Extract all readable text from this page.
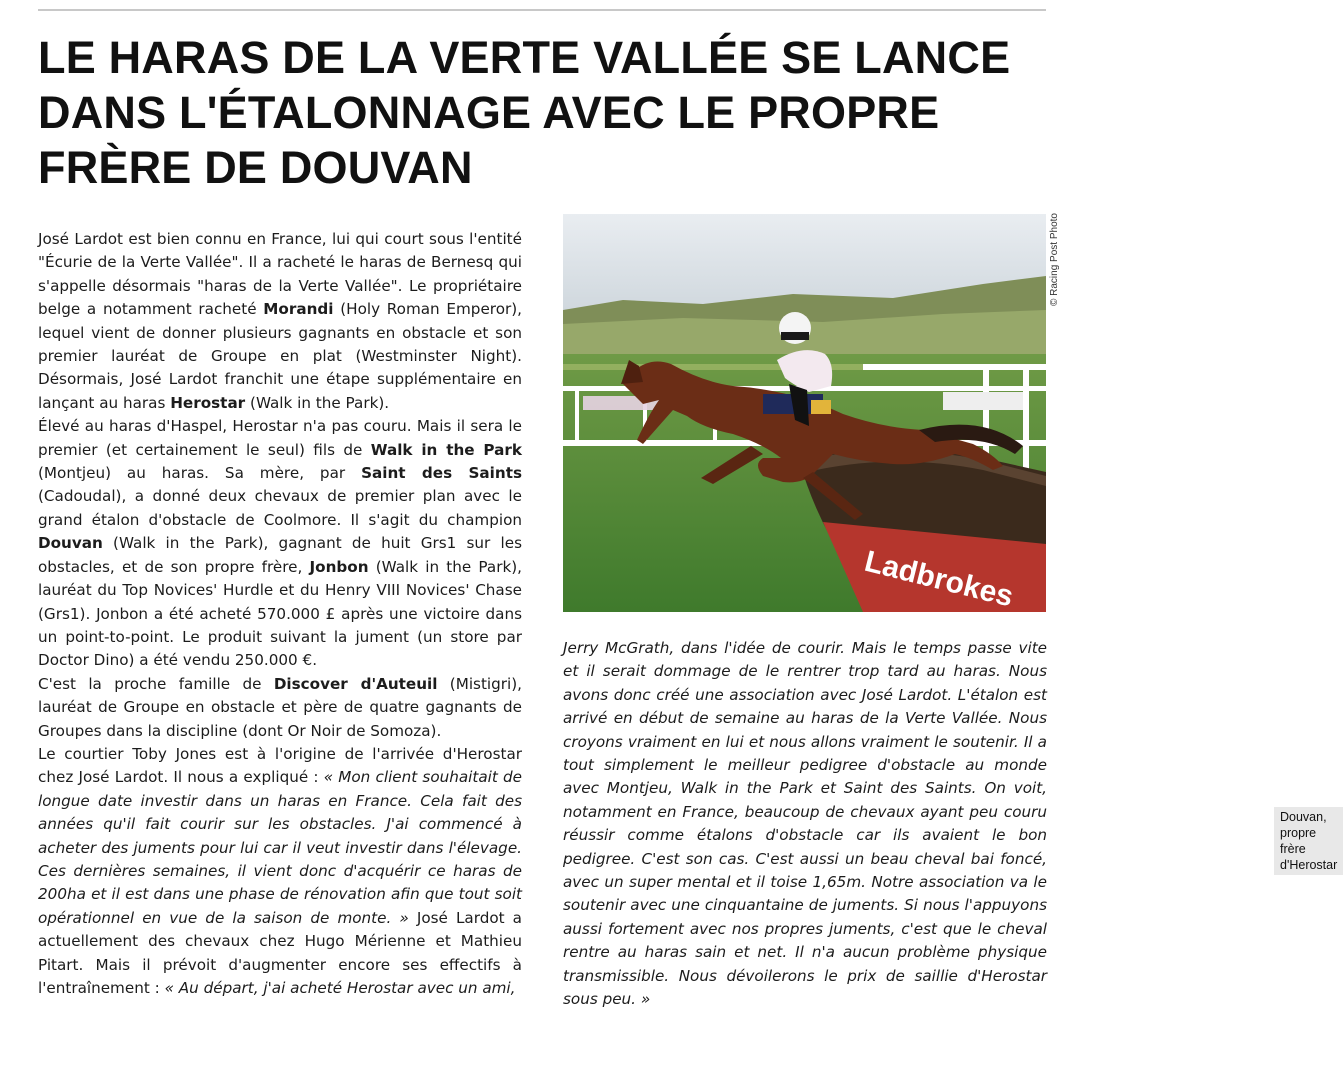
LE HARAS DE LA VERTE VALLÉE SE LANCE DANS L'ÉTALONNAGE AVEC LE PROPRE FRÈRE DE DOUVAN

José Lardot est bien connu en France, lui qui court sous l'entité "Écurie de la Verte Vallée". Il a racheté le haras de Bernesq qui s'appelle désormais "haras de la Verte Vallée". Le propriétaire belge a notamment racheté Morandi (Holy Roman Emperor), lequel vient de donner plusieurs gagnants en obstacle et son premier lauréat de Groupe en plat (Westminster Night). Désormais, José Lardot franchit une étape supplémentaire en lançant au haras Herostar (Walk in the Park).

Élevé au haras d'Haspel, Herostar n'a pas couru. Mais il sera le premier (et certainement le seul) fils de Walk in the Park (Montjeu) au haras. Sa mère, par Saint des Saints (Cadoudal), a donné deux chevaux de premier plan avec le grand étalon d'obstacle de Coolmore. Il s'agit du champion Douvan (Walk in the Park), gagnant de huit Grs1 sur les obstacles, et de son propre frère, Jonbon (Walk in the Park), lauréat du Top Novices' Hurdle et du Henry VIII Novices' Chase (Grs1). Jonbon a été acheté 570.000 £ après une victoire dans un point-to-point. Le produit suivant la jument (un store par Doctor Dino) a été vendu 250.000 €.

C'est la proche famille de Discover d'Auteuil (Mistigri), lauréat de Groupe en obstacle et père de quatre gagnants de Groupes dans la discipline (dont Or Noir de Somoza).

Le courtier Toby Jones est à l'origine de l'arrivée d'Herostar chez José Lardot. Il nous a expliqué : « Mon client souhaitait de longue date investir dans un haras en France. Cela fait des années qu'il fait courir sur les obstacles. J'ai commencé à acheter des juments pour lui car il veut investir dans l'élevage. Ces dernières semaines, il vient donc d'acquérir ce haras de 200ha et il est dans une phase de rénovation afin que tout soit opérationnel en vue de la saison de monte. » José Lardot a actuellement des chevaux chez Hugo Mérienne et Mathieu Pitart. Mais il prévoit d'augmenter encore ses effectifs à l'entraînement : « Au départ, j'ai acheté Herostar avec un ami,

Ladbrokes
Douvan, propre frère d'Herostar
© Racing Post Photo

Jerry McGrath, dans l'idée de courir. Mais le temps passe vite et il serait dommage de le rentrer trop tard au haras. Nous avons donc créé une association avec José Lardot. L'étalon est arrivé en début de semaine au haras de la Verte Vallée. Nous croyons vraiment en lui et nous allons vraiment le soutenir. Il a tout simplement le meilleur pedigree d'obstacle au monde avec Montjeu, Walk in the Park et Saint des Saints. On voit, notamment en France, beaucoup de chevaux ayant peu couru réussir comme étalons d'obstacle car ils avaient le bon pedigree. C'est son cas. C'est aussi un beau cheval bai foncé, avec un super mental et il toise 1,65m. Notre association va le soutenir avec une cinquantaine de juments. Si nous l'appuyons aussi fortement avec nos propres juments, c'est que le cheval rentre au haras sain et net. Il n'a aucun problème physique transmissible. Nous dévoilerons le prix de saillie d'Herostar sous peu. »
